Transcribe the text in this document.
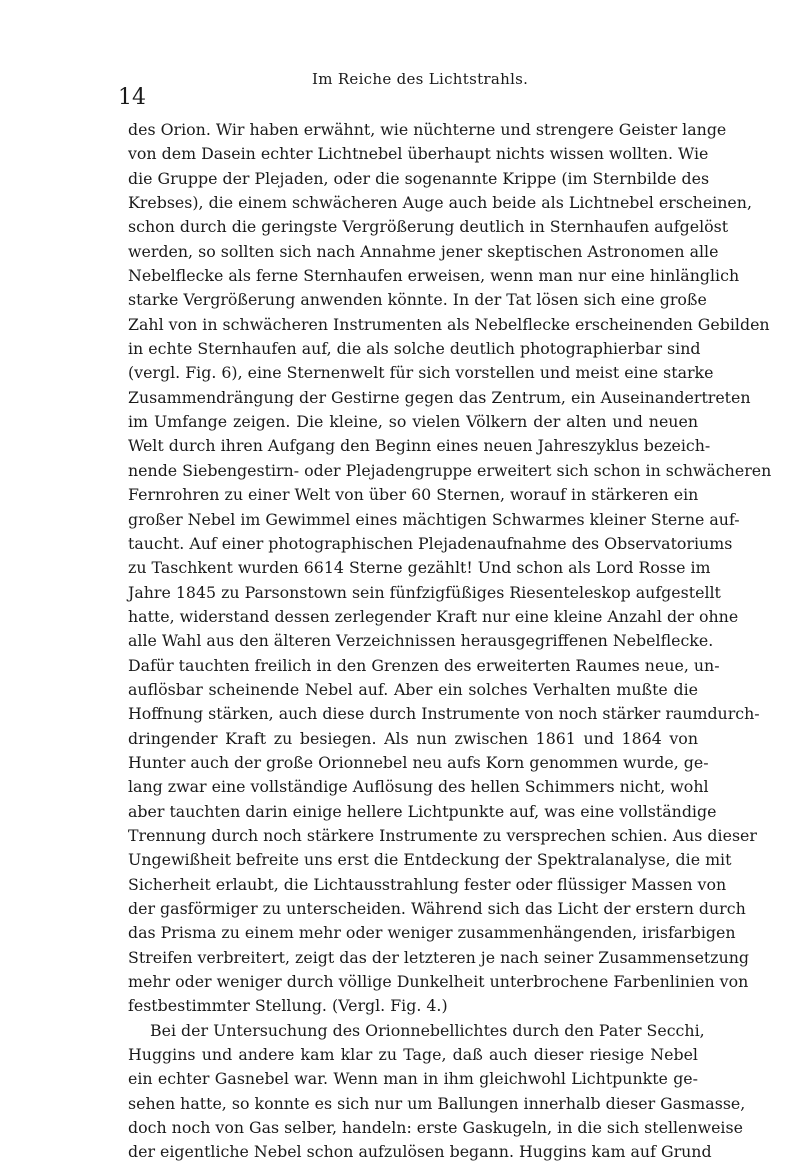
Im Reiche des Lichtstrahls.
14
des Orion. Wir haben erwähnt, wie nüchterne und strengere Geister lange
von dem Dasein echter Lichtnebel überhaupt nichts wissen wollten. Wie
die Gruppe der Plejaden, oder die sogenannte Krippe (im Sternbilde des
Krebses), die einem schwächeren Auge auch beide als Lichtnebel erscheinen,
schon durch die geringste Vergrößerung deutlich in Sternhaufen aufgelöst
werden, so sollten sich nach Annahme jener skeptischen Astronomen alle
Nebelflecke als ferne Sternhaufen erweisen, wenn man nur eine hinlänglich
starke Vergrößerung anwenden könnte. In der Tat lösen sich eine große
Zahl von in schwächeren Instrumenten als Nebelflecke erscheinenden Gebilden
in echte Sternhaufen auf, die als solche deutlich photographierbar sind
(vergl. Fig. 6), eine Sternenwelt für sich vorstellen und meist eine starke
Zusammendrängung der Gestirne gegen das Zentrum, ein Auseinandertreten
im Umfange zeigen. Die kleine, so vielen Völkern der alten und neuen
Welt durch ihren Aufgang den Beginn eines neuen Jahreszyklus bezeich-
nende Siebengestirn- oder Plejadengruppe erweitert sich schon in schwächeren
Fernrohren zu einer Welt von über 60 Sternen, worauf in stärkeren ein
großer Nebel im Gewimmel eines mächtigen Schwarmes kleiner Sterne auf-
taucht. Auf einer photographischen Plejadenaufnahme des Observatoriums
zu Taschkent wurden 6614 Sterne gezählt! Und schon als Lord Rosse im
Jahre 1845 zu Parsonstown sein fünfzigfüßiges Riesenteleskop aufgestellt
hatte, widerstand dessen zerlegender Kraft nur eine kleine Anzahl der ohne
alle Wahl aus den älteren Verzeichnissen herausgegriffenen Nebelflecke.
Dafür tauchten freilich in den Grenzen des erweiterten Raumes neue, un-
auflösbar scheinende Nebel auf. Aber ein solches Verhalten mußte die
Hoffnung stärken, auch diese durch Instrumente von noch stärker raumdurch-
dringender Kraft zu besiegen. Als nun zwischen 1861 und 1864 von
Hunter auch der große Orionnebel neu aufs Korn genommen wurde, ge-
lang zwar eine vollständige Auflösung des hellen Schimmers nicht, wohl
aber tauchten darin einige hellere Lichtpunkte auf, was eine vollständige
Trennung durch noch stärkere Instrumente zu versprechen schien. Aus dieser
Ungewißheit befreite uns erst die Entdeckung der Spektralanalyse, die mit
Sicherheit erlaubt, die Lichtausstrahlung fester oder flüssiger Massen von
der gasförmiger zu unterscheiden. Während sich das Licht der erstern durch
das Prisma zu einem mehr oder weniger zusammenhängenden, irisfarbigen
Streifen verbreitert, zeigt das der letzteren je nach seiner Zusammensetzung
mehr oder weniger durch völlige Dunkelheit unterbrochene Farbenlinien von
festbestimmter Stellung. (Vergl. Fig. 4.)
Bei der Untersuchung des Orionnebellichtes durch den Pater Secchi,
Huggins und andere kam klar zu Tage, daß auch dieser riesige Nebel
ein echter Gasnebel war. Wenn man in ihm gleichwohl Lichtpunkte ge-
sehen hatte, so konnte es sich nur um Ballungen innerhalb dieser Gasmasse,
doch noch von Gas selber, handeln: erste Gaskugeln, in die sich stellenweise
der eigentliche Nebel schon aufzulösen begann. Huggins kam auf Grund
